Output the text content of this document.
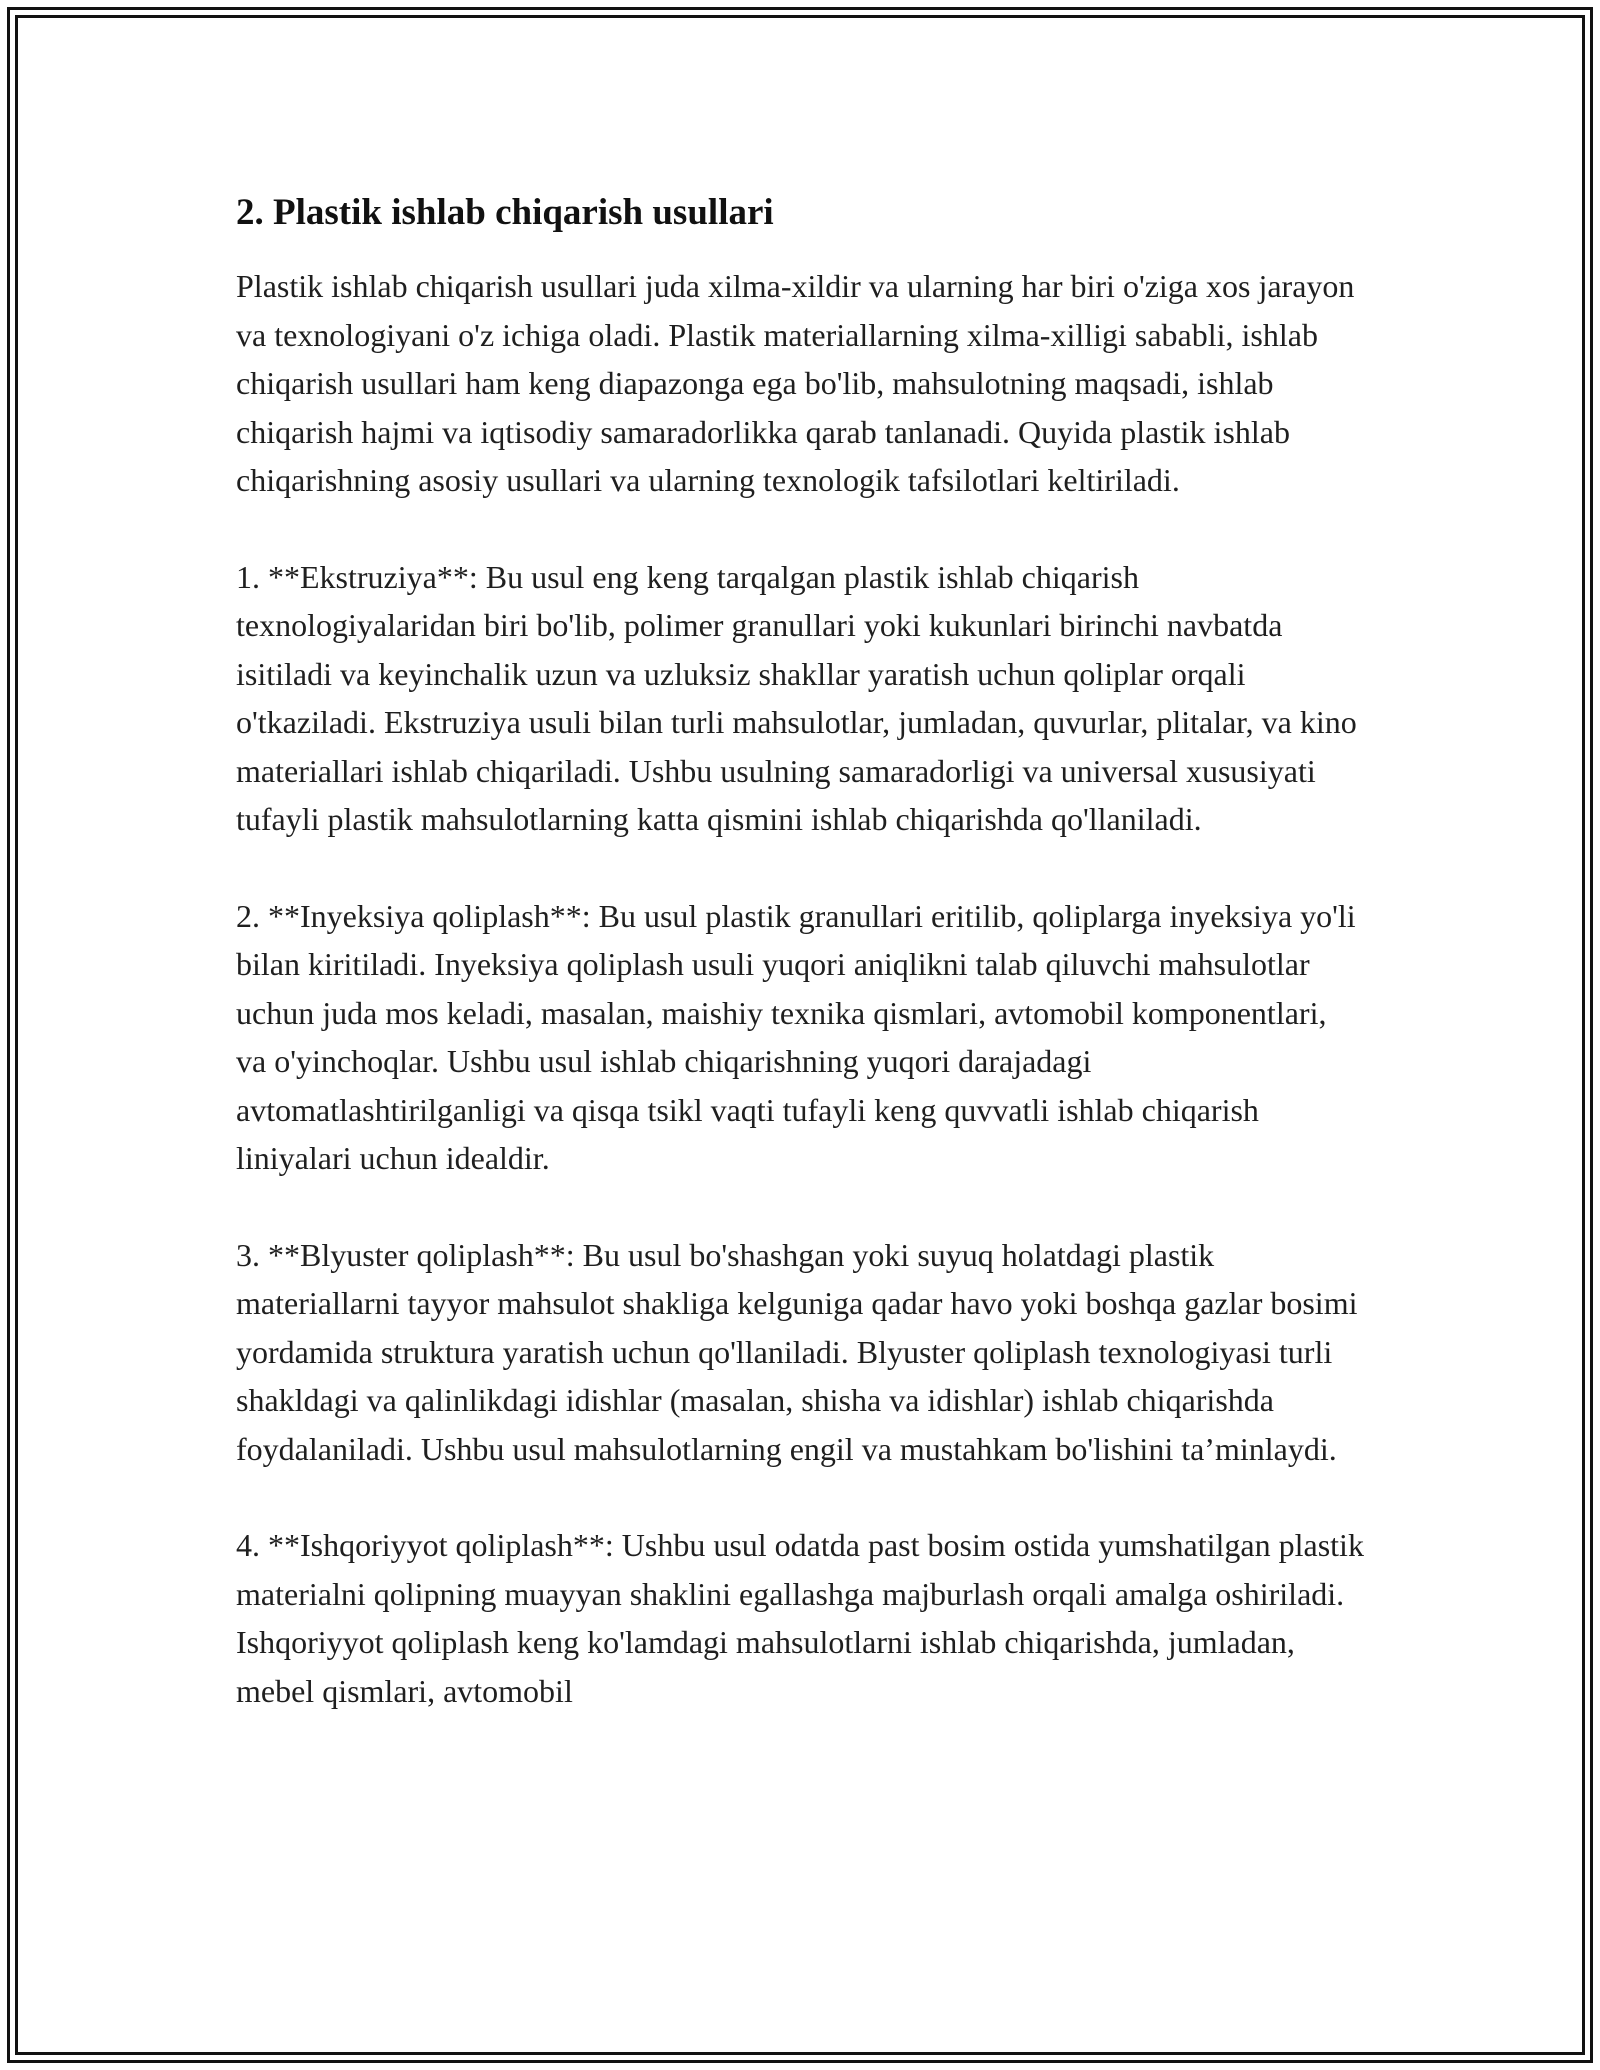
2. Plastik ishlab chiqarish usullari

Plastik ishlab chiqarish usullari juda xilma-xildir va ularning har biri o'ziga xos jarayon va texnologiyani o'z ichiga oladi. Plastik materiallarning xilma-xilligi sababli, ishlab chiqarish usullari ham keng diapazonga ega bo'lib, mahsulotning maqsadi, ishlab chiqarish hajmi va iqtisodiy samaradorlikka qarab tanlanadi. Quyida plastik ishlab chiqarishning asosiy usullari va ularning texnologik tafsilotlari keltiriladi.

1. **Ekstruziya**: Bu usul eng keng tarqalgan plastik ishlab chiqarish texnologiyalaridan biri bo'lib, polimer granullari yoki kukunlari birinchi navbatda isitiladi va keyinchalik uzun va uzluksiz shakllar yaratish uchun qoliplar orqali o'tkaziladi. Ekstruziya usuli bilan turli mahsulotlar, jumladan, quvurlar, plitalar, va kino materiallari ishlab chiqariladi. Ushbu usulning samaradorligi va universal xususiyati tufayli plastik mahsulotlarning katta qismini ishlab chiqarishda qo'llaniladi.

2. **Inyeksiya qoliplash**: Bu usul plastik granullari eritilib, qoliplarga inyeksiya yo'li bilan kiritiladi. Inyeksiya qoliplash usuli yuqori aniqlikni talab qiluvchi mahsulotlar uchun juda mos keladi, masalan, maishiy texnika qismlari, avtomobil komponentlari, va o'yinchoqlar. Ushbu usul ishlab chiqarishning yuqori darajadagi avtomatlashtirilganligi va qisqa tsikl vaqti tufayli keng quvvatli ishlab chiqarish liniyalari uchun idealdir.

3. **Blyuster qoliplash**: Bu usul bo'shashgan yoki suyuq holatdagi plastik materiallarni tayyor mahsulot shakliga kelguniga qadar havo yoki boshqa gazlar bosimi yordamida struktura yaratish uchun qo'llaniladi. Blyuster qoliplash texnologiyasi turli shakldagi va qalinlikdagi idishlar (masalan, shisha va idishlar) ishlab chiqarishda foydalaniladi. Ushbu usul mahsulotlarning engil va mustahkam bo'lishini ta’minlaydi.

4. **Ishqoriyyot qoliplash**: Ushbu usul odatda past bosim ostida yumshatilgan plastik materialni qolipning muayyan shaklini egallashga majburlash orqali amalga oshiriladi. Ishqoriyyot qoliplash keng ko'lamdagi mahsulotlarni ishlab chiqarishda, jumladan, mebel qismlari, avtomobil
